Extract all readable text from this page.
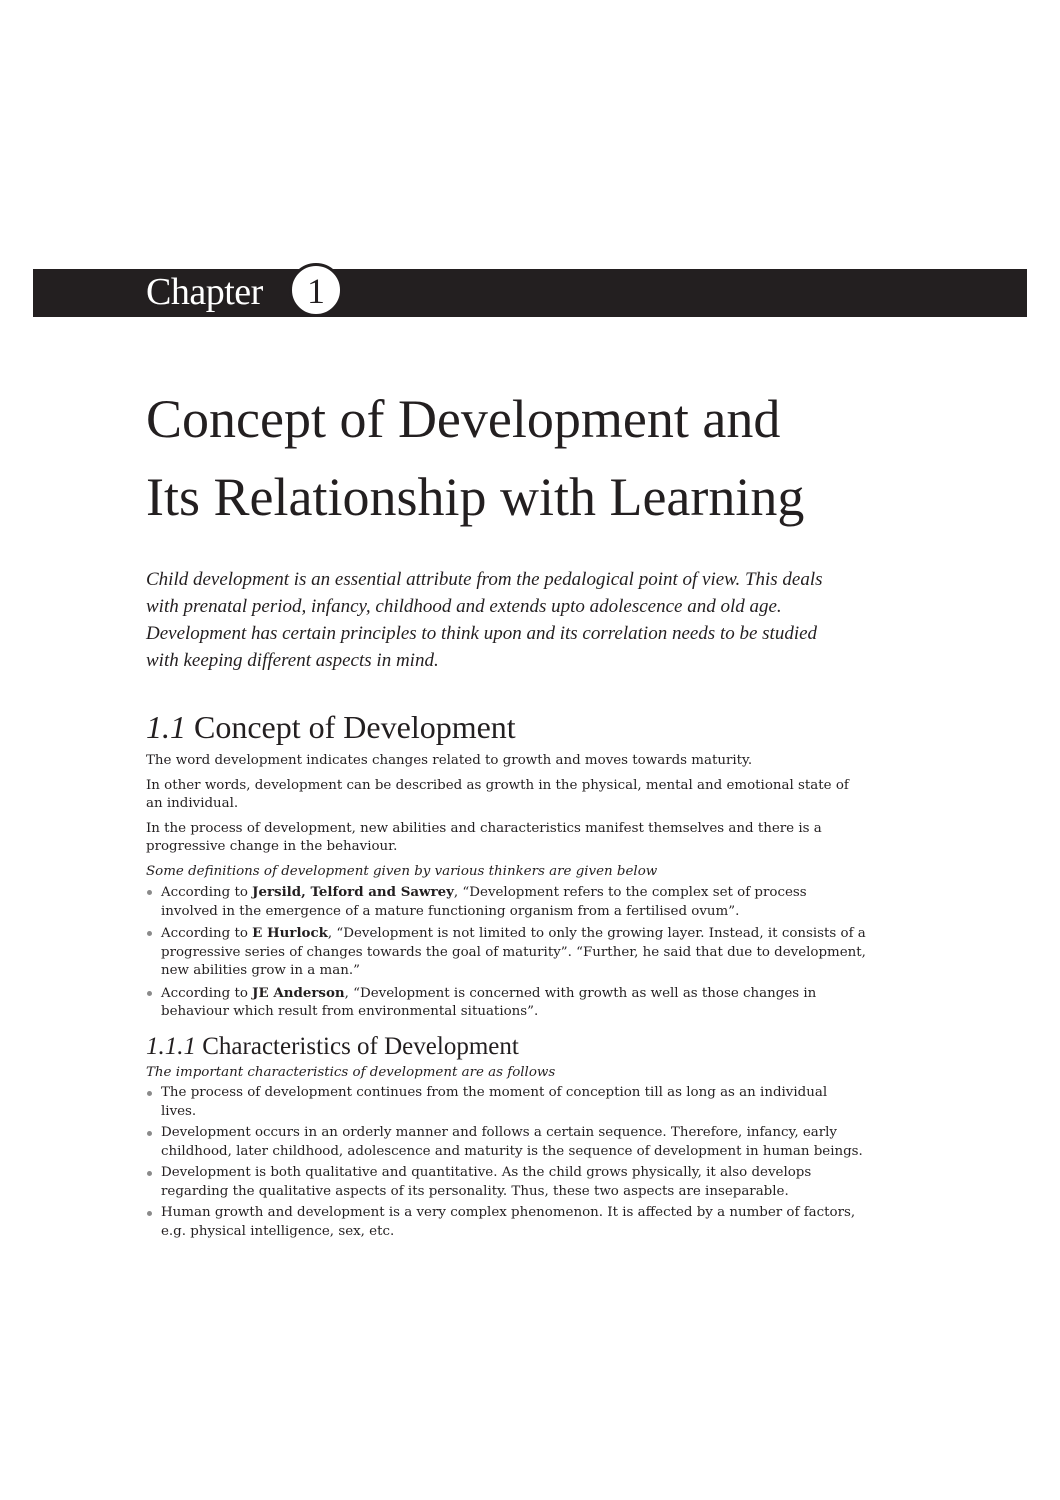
Chapter	1
Concept of Development and
Its Relationship with Learning

Child development is an essential attribute from the pedalogical point of view. This deals with prenatal period, infancy, childhood and extends upto adolescence and old age. Development has certain principles to think upon and its correlation needs to be studied with keeping different aspects in mind.

1.1 Concept of Development

The word development indicates changes related to growth and moves towards maturity.

In other words, development can be described as growth in the physical, mental and emotional state of an individual.

In the process of development, new abilities and characteristics manifest themselves and there is a progressive change in the behaviour.

Some definitions of development given by various thinkers are given below

According to Jersild, Telford and Sawrey, “Development refers to the complex set of process involved in the emergence of a mature functioning organism from a fertilised ovum”.
According to E Hurlock, “Development is not limited to only the growing layer. Instead, it consists of a progressive series of changes towards the goal of maturity”. “Further, he said that due to development, new abilities grow in a man.”
According to JE Anderson, “Development is concerned with growth as well as those changes in behaviour which result from environmental situations”.
1.1.1 Characteristics of Development

The important characteristics of development are as follows

The process of development continues from the moment of conception till as long as an individual lives.
Development occurs in an orderly manner and follows a certain sequence. Therefore, infancy, early childhood, later childhood, adolescence and maturity is the sequence of development in human beings.
Development is both qualitative and quantitative. As the child grows physically, it also develops regarding the qualitative aspects of its personality. Thus, these two aspects are inseparable.
Human growth and development is a very complex phenomenon. It is affected by a number of factors, e.g. physical intelligence, sex, etc.
